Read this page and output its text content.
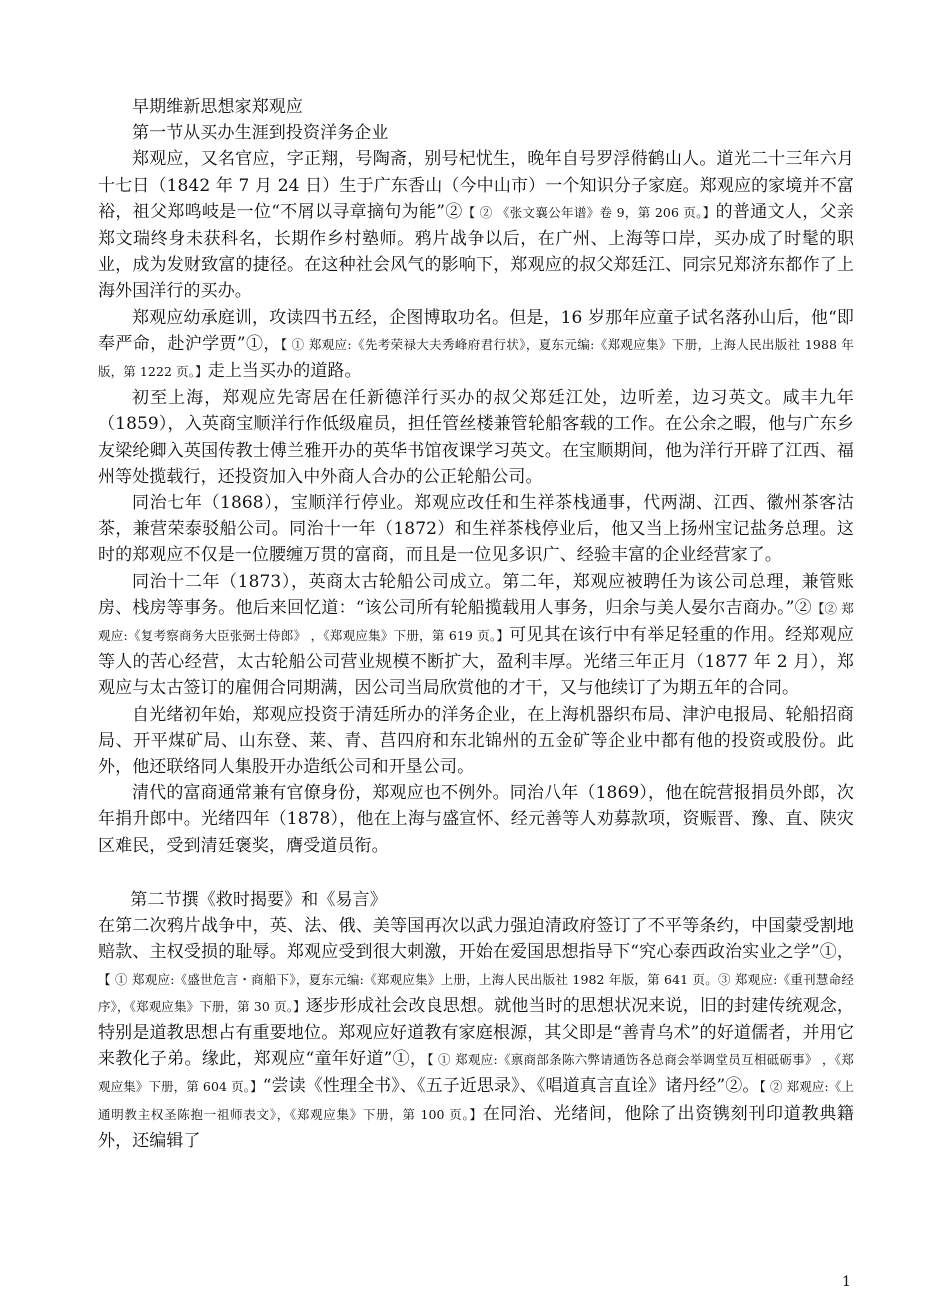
早期维新思想家郑观应

第一节从买办生涯到投资洋务企业

郑观应，又名官应，字正翔，号陶斋，别号杞忧生，晚年自号罗浮偫鹤山人。道光二十三年六月十七日（1842 年 7 月 24 日）生于广东香山（今中山市）一个知识分子家庭。郑观应的家境并不富裕，祖父郑鸣岐是一位“不屑以寻章摘句为能”②【 ② 《张文襄公年谱》卷 9，第 206 页。】的普通文人，父亲郑文瑞终身未获科名，长期作乡村塾师。鸦片战争以后，在广州、上海等口岸，买办成了时髦的职业，成为发财致富的捷径。在这种社会风气的影响下，郑观应的叔父郑廷江、同宗兄郑济东都作了上海外国洋行的买办。

郑观应幼承庭训，攻读四书五经，企图博取功名。但是，16 岁那年应童子试名落孙山后，他“即奉严命，赴沪学贾”①，【 ① 郑观应:《先考荣禄大夫秀峰府君行状》，夏东元编:《郑观应集》下册，上海人民出版社 1988 年版，第 1222 页。】走上当买办的道路。

初至上海，郑观应先寄居在任新德洋行买办的叔父郑廷江处，边听差，边习英文。咸丰九年（1859），入英商宝顺洋行作低级雇员，担任管丝楼兼管轮船客载的工作。在公余之暇，他与广东乡友梁纶卿入英国传教士傅兰雅开办的英华书馆夜课学习英文。在宝顺期间，他为洋行开辟了江西、福州等处揽载行，还投资加入中外商人合办的公正轮船公司。

同治七年（1868），宝顺洋行停业。郑观应改任和生祥茶栈通事，代两湖、江西、徽州茶客沽茶，兼营荣泰驳船公司。同治十一年（1872）和生祥茶栈停业后，他又当上扬州宝记盐务总理。这时的郑观应不仅是一位腰缠万贯的富商，而且是一位见多识广、经验丰富的企业经营家了。

同治十二年（1873），英商太古轮船公司成立。第二年，郑观应被聘任为该公司总理，兼管账房、栈房等事务。他后来回忆道：“该公司所有轮船揽载用人事务，归余与美人晏尔吉商办。”②【② 郑观应:《复考察商务大臣张弼士侍郎》 ，《郑观应集》下册，第 619 页。】可见其在该行中有举足轻重的作用。经郑观应等人的苦心经营，太古轮船公司营业规模不断扩大，盈利丰厚。光绪三年正月（1877 年 2 月），郑观应与太古签订的雇佣合同期满，因公司当局欣赏他的才干，又与他续订了为期五年的合同。

自光绪初年始，郑观应投资于清廷所办的洋务企业，在上海机器织布局、津沪电报局、轮船招商局、开平煤矿局、山东登、莱、青、莒四府和东北锦州的五金矿等企业中都有他的投资或股份。此外，他还联络同人集股开办造纸公司和开垦公司。

清代的富商通常兼有官僚身份，郑观应也不例外。同治八年（1869），他在皖营报捐员外郎，次年捐升郎中。光绪四年（1878），他在上海与盛宣怀、经元善等人劝募款项，资赈晋、豫、直、陕灾区难民，受到清廷褒奖，膺受道员衔。

第二节撰《救时揭要》和《易言》

在第二次鸦片战争中，英、法、俄、美等国再次以武力强迫清政府签订了不平等条约，中国蒙受割地赔款、主权受损的耻辱。郑观应受到很大刺激，开始在爱国思想指导下“究心泰西政治实业之学”①，【 ① 郑观应:《盛世危言・商船下》，夏东元编:《郑观应集》上册，上海人民出版社 1982 年版，第 641 页。③ 郑观应:《重刊慧命经序》，《郑观应集》下册，第 30 页。】逐步形成社会改良思想。就他当时的思想状况来说，旧的封建传统观念，特别是道教思想占有重要地位。郑观应好道教有家庭根源，其父即是“善青乌术”的好道儒者，并用它来教化子弟。缘此，郑观应“童年好道”①，【 ① 郑观应:《禀商部条陈六弊请通饬各总商会举调堂员互相砥砺事》 ，《郑观应集》下册，第 604 页。】“尝读《性理全书》、《五子近思录》、《唱道真言直诠》诸丹经”②。【 ② 郑观应:《上通明教主权圣陈抱一祖师表文》，《郑观应集》下册，第 100 页。】在同治、光绪间，他除了出资镌刻刊印道教典籍外，还编辑了

1
